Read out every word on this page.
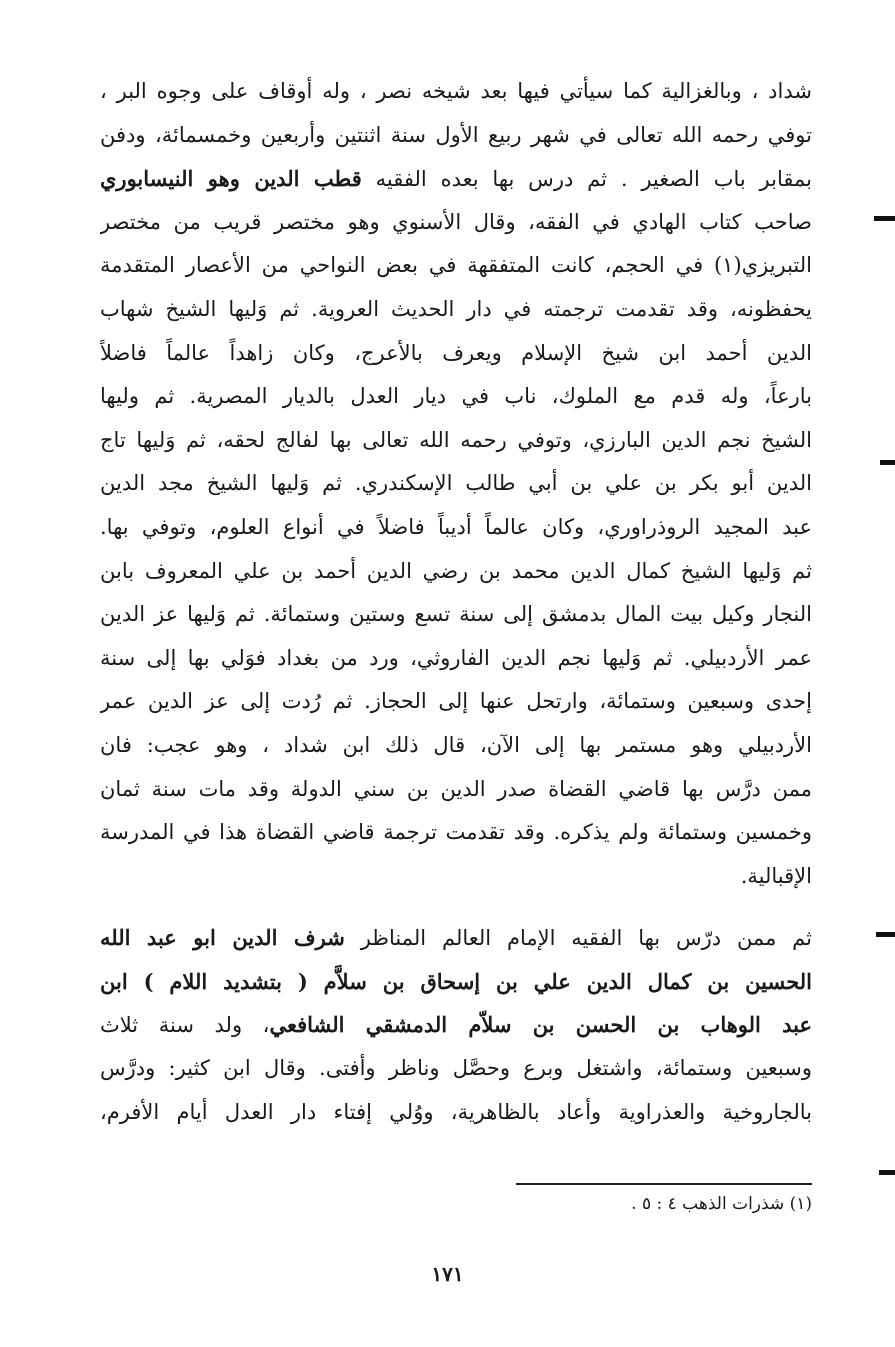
شداد ، وبالغزالية كما سيأتي فيها بعد شيخه نصر ، وله أوقاف على وجوه البر ،
توفي رحمه الله تعالى في شهر ربيع الأول سنة اثنتين وأربعين وخمسمائة، ودفن
بمقابر باب الصغير . ثم درس بها بعده الفقيه قطب الدين وهو النيسابوري
صاحب كتاب الهادي في الفقه، وقال الأسنوي وهو مختصر قريب من مختصر
التبريزي(١) في الحجم، كانت المتفقهة في بعض النواحي من الأعصار المتقدمة
يحفظونه، وقد تقدمت ترجمته في دار الحديث العروية. ثم وَليها الشيخ شهاب
الدين أحمد ابن شيخ الإسلام ويعرف بالأعرج، وكان زاهداً عالماً فاضلاً
بارعاً، وله قدم مع الملوك، ناب في ديار العدل بالديار المصرية. ثم وليها
الشيخ نجم الدين البارزي، وتوفي رحمه الله تعالى بها لفالج لحقه، ثم وَليها تاج
الدين أبو بكر بن علي بن أبي طالب الإسكندري. ثم وَليها الشيخ مجد الدين
عبد المجيد الروذراوري، وكان عالماً أديباً فاضلاً في أنواع العلوم، وتوفي بها.
ثم وَليها الشيخ كمال الدين محمد بن رضي الدين أحمد بن علي المعروف بابن
النجار وكيل بيت المال بدمشق إلى سنة تسع وستين وستمائة. ثم وَليها عز الدين
عمر الأردبيلي. ثم وَليها نجم الدين الفاروثي، ورد من بغداد فوَلي بها إلى سنة
إحدى وسبعين وستمائة، وارتحل عنها إلى الحجاز. ثم رُدت إلى عز الدين عمر
الأردبيلي وهو مستمر بها إلى الآن، قال ذلك ابن شداد ، وهو عجب: فان
ممن درَّس بها قاضي القضاة صدر الدين بن سني الدولة وقد مات سنة ثمان
وخمسين وستمائة ولم يذكره. وقد تقدمت ترجمة قاضي القضاة هذا في المدرسة
الإقبالية.
ثم ممن درّس بها الفقيه الإمام العالم المناظر شرف الدين ابو عبد الله
الحسين بن كمال الدين علي بن إسحاق بن سلاَّم ( بتشديد اللام ) ابن
عبد الوهاب بن الحسن بن سلاّم الدمشقي الشافعي، ولد سنة ثلاث
وسبعين وستمائة، واشتغل وبرع وحصَّل وناظر وأفتى. وقال ابن كثير: ودرَّس
بالجاروخية والعذراوية وأعاد بالظاهرية، ووُلي إفتاء دار العدل أيام الأفرم،
(١) شذرات الذهب ٤ : ٥ .
١٧١
